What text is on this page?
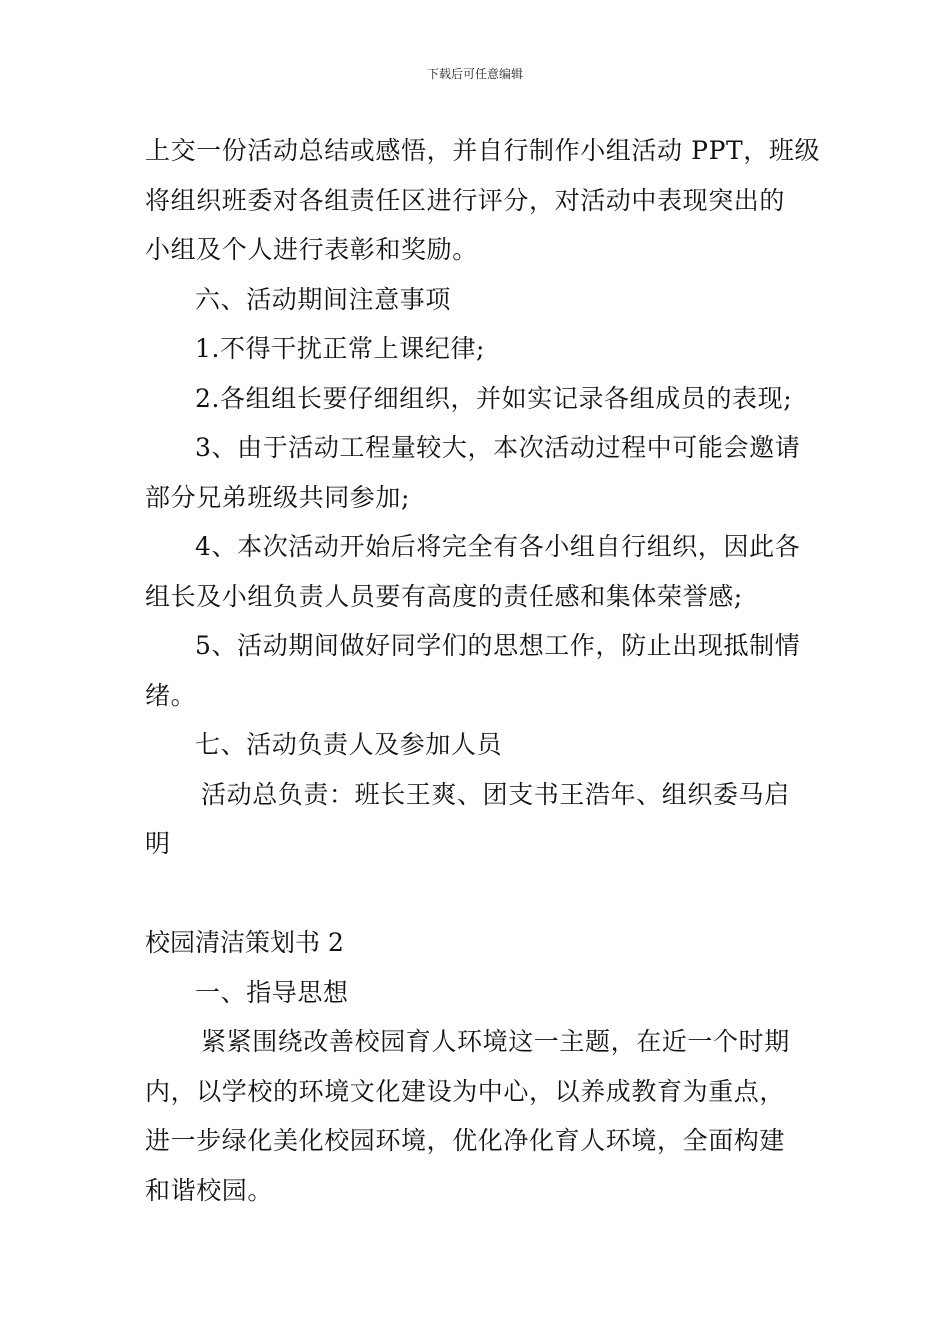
下载后可任意编辑
上交一份活动总结或感悟，并自行制作小组活动 PPT，班级
将组织班委对各组责任区进行评分，对活动中表现突出的
小组及个人进行表彰和奖励。
六、活动期间注意事项
1.不得干扰正常上课纪律;
2.各组组长要仔细组织，并如实记录各组成员的表现;
3、由于活动工程量较大，本次活动过程中可能会邀请
部分兄弟班级共同参加;
4、本次活动开始后将完全有各小组自行组织，因此各
组长及小组负责人员要有高度的责任感和集体荣誉感;
5、活动期间做好同学们的思想工作，防止出现抵制情
绪。
七、活动负责人及参加人员
活动总负责：班长王爽、团支书王浩年、组织委马启
明
校园清洁策划书 2
一、指导思想
紧紧围绕改善校园育人环境这一主题，在近一个时期
内，以学校的环境文化建设为中心，以养成教育为重点，
进一步绿化美化校园环境，优化净化育人环境，全面构建
和谐校园。
